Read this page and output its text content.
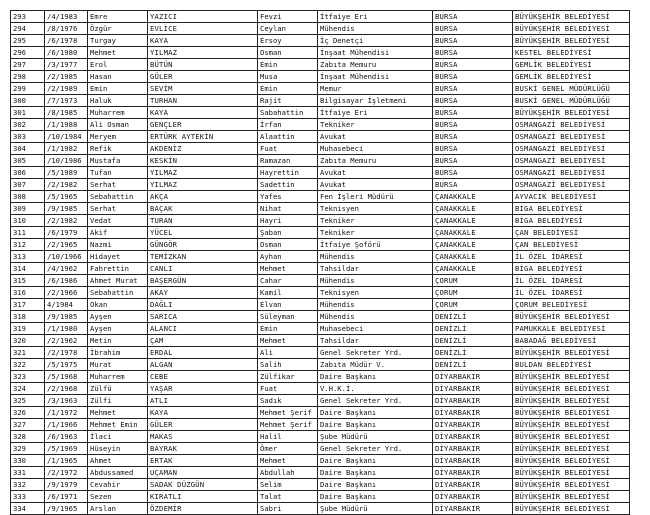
293	/4/1983	Emre	YAZICI	Fevzi	İtfaiye Eri	BURSA	BÜYÜKŞEHİR BELEDİYESİ
294	/8/1976	Özgür	EVLİCE	Ceylan	Mühendis	BURSA	BÜYÜKŞEHİR BELEDİYESİ
295	/6/1978	Turgay	KAYA	Ersoy	İç Denetçi	BURSA	BÜYÜKŞEHİR BELEDİYESİ
296	/6/1980	Mehmet	YILMAZ	Osman	İnşaat Mühendisi	BURSA	KESTEL BELEDİYESİ
297	/3/1977	Erol	BÜTÜN	Emin	Zabıta Memuru	BURSA	GEMLİK BELEDİYESİ
298	/2/1985	Hasan	GÜLER	Musa	İnşaat Mühendisi	BURSA	GEMLİK BELEDİYESİ
299	/2/1989	Emin	SEVİM	Emin	Memur	BURSA	BUSKİ GENEL MÜDÜRLÜĞÜ
300	/7/1973	Haluk	TURHAN	Rajit	Bilgisayar İşletmeni	BURSA	BUSKİ GENEL MÜDÜRLÜĞÜ
301	/8/1985	Muharrem	KAYA	Sabahattin	İtfaiye Eri	BURSA	BÜYÜKŞEHİR BELEDİYESİ
302	/1/1988	Ali Osman	GENÇLER	İrfan	Tekniker	BURSA	OSMANGAZİ BELEDİYESİ
303	/10/1984	Meryem	ERTÜRK AYTEKİN	Alaattin	Avukat	BURSA	OSMANGAZİ BELEDİYESİ
304	/1/1982	Refik	AKDENİZ	Fuat	Muhasebeci	BURSA	OSMANGAZİ BELEDİYESİ
305	/10/1986	Mustafa	KESKİN	Ramazan	Zabıta Memuru	BURSA	OSMANGAZİ BELEDİYESİ
306	/5/1989	Tufan	YILMAZ	Hayrettin	Avukat	BURSA	OSMANGAZİ BELEDİYESİ
307	/2/1982	Serhat	YILMAZ	Sadettin	Avukat	BURSA	OSMANGAZİ BELEDİYESİ
308	/5/1965	Sebahattin	AKÇA	Yafes	Fen İşleri Müdürü	ÇANAKKALE	AYVACIK BELEDİYESİ
309	/9/1985	Serhat	BAÇAK	Nihat	Teknisyen	ÇANAKKALE	BİGA BELEDİYESİ
310	/2/1982	Vedat	TURAN	Hayri	Tekniker	ÇANAKKALE	BİGA BELEDİYESİ
311	/6/1979	Akif	YÜCEL	Şaban	Tekniker	ÇANAKKALE	ÇAN BELEDİYESİ
312	/2/1965	Nazmi	GÜNGÖR	Osman	İtfaiye Şoförü	ÇANAKKALE	ÇAN BELEDİYESİ
313	/10/1966	Hidayet	TEMİZKAN	Ayhan	Mühendis	ÇANAKKALE	İL ÖZEL İDARESİ
314	/4/1962	Fahrettin	CANLI	Mehmet	Tahsildar	ÇANAKKALE	BİGA BELEDİYESİ
315	/6/1986	Ahmet Murat	BAŞERGÜN	Cahar	Mühendis	ÇORUM	İL ÖZEL İDARESİ
316	/2/1966	Sebahattin	AKAY	Kamil	Teknisyen	ÇORUM	İL ÖZEL İDARESİ
317	4/1984	Okan	DAĞLI	Elvan	Mühendis	ÇORUM	ÇORUM BELEDİYESİ
318	/9/1985	Ayşen	SARICA	Süleyman	Mühendis	DENİZLİ	BÜYÜKŞEHİR BELEDİYESİ
319	/1/1980	Ayşen	ALANCI	Emin	Muhasebeci	DENİZLİ	PAMUKKALE BELEDİYESİ
320	/2/1962	Metin	ÇAM	Mehmet	Tahsildar	DENİZLİ	BABADAĞ BELEDİYESİ
321	/2/1978	İbrahim	ERDAL	Ali	Genel Sekreter Yrd.	DENİZLİ	BÜYÜKŞEHİR BELEDİYESİ
322	/5/1975	Murat	ALGAN	Salih	Zabıta Müdür V.	DENİZLİ	BULDAN BELEDİYESİ
323	/5/1968	Muharrem	CEBE	Zülfikar	Daire Başkanı	DİYARBAKIR	BÜYÜKŞEHİR BELEDİYESİ
324	/2/1968	Zülfü	YAŞAR	Fuat	V.H.K.İ.	DİYARBAKIR	BÜYÜKŞEHİR BELEDİYESİ
325	/3/1963	Zülfi	ATLI	Sadık	Genel Sekreter Yrd.	DİYARBAKIR	BÜYÜKŞEHİR BELEDİYESİ
326	/1/1972	Mehmet	KAYA	Mehmet Şerif	Daire Başkanı	DİYARBAKIR	BÜYÜKŞEHİR BELEDİYESİ
327	/1/1966	Mehmet Emin	GÜLER	Mehmet Şerif	Daire Başkanı	DİYARBAKIR	BÜYÜKŞEHİR BELEDİYESİ
328	/6/1963	İlaci	MAKAS	Halil	Şube Müdürü	DİYARBAKIR	BÜYÜKŞEHİR BELEDİYESİ
329	/5/1969	Hüseyin	BAYRAK	Ömer	Genel Sekreter Yrd.	DİYARBAKIR	BÜYÜKŞEHİR BELEDİYESİ
330	/1/1965	Ahmet	ERTAK	Mehmet	Daire Başkanı	DİYARBAKIR	BÜYÜKŞEHİR BELEDİYESİ
331	/2/1972	Abdussamed	UÇAMAN	Abdullah	Daire Başkanı	DİYARBAKIR	BÜYÜKŞEHİR BELEDİYESİ
332	/9/1979	Cevahir	SADAK DÜZGÜN	Selim	Daire Başkanı	DİYARBAKIR	BÜYÜKŞEHİR BELEDİYESİ
333	/6/1971	Sezen	KIRATLI	Talat	Daire Başkanı	DİYARBAKIR	BÜYÜKŞEHİR BELEDİYESİ
334	/9/1965	Arslan	ÖZDEMİR	Sabri	Şube Müdürü	DİYARBAKIR	BÜYÜKŞEHİR BELEDİYESİ
